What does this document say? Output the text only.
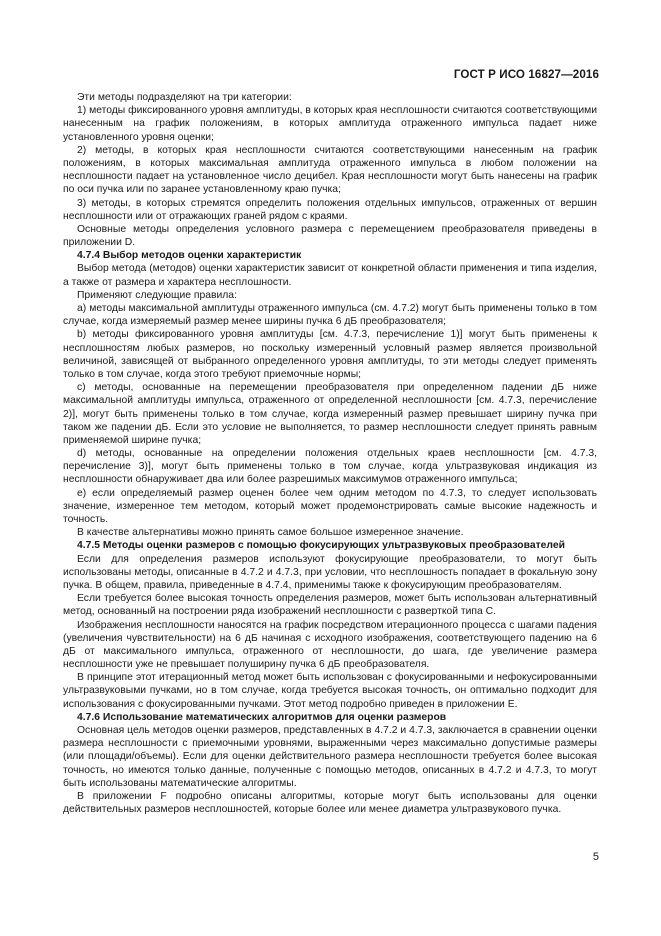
ГОСТ Р ИСО 16827—2016

Эти методы подразделяют на три категории:

1) методы фиксированного уровня амплитуды, в которых края несплошности считаются соответствующими нанесенным на график положениям, в которых амплитуда отраженного импульса падает ниже установленного уровня оценки;

2) методы, в которых края несплошности считаются соответствующими нанесенным на график положениям, в которых максимальная амплитуда отраженного импульса в любом положении на несплошности падает на установленное число децибел. Края несплошности могут быть нанесены на график по оси пучка или по заранее установленному краю пучка;

3) методы, в которых стремятся определить положения отдельных импульсов, отраженных от вершин несплошности или от отражающих граней рядом с краями.

Основные методы определения условного размера с перемещением преобразователя приведены в приложении D.

4.7.4 Выбор методов оценки характеристик

Выбор метода (методов) оценки характеристик зависит от конкретной области применения и типа изделия, а также от размера и характера несплошности.

Применяют следующие правила:

a) методы максимальной амплитуды отраженного импульса (см. 4.7.2) могут быть применены только в том случае, когда измеряемый размер менее ширины пучка 6 дБ преобразователя;

b) методы фиксированного уровня амплитуды [см. 4.7.3, перечисление 1)] могут быть применены к несплошностям любых размеров, но поскольку измеренный условный размер является произвольной величиной, зависящей от выбранного определенного уровня амплитуды, то эти методы следует применять только в том случае, когда этого требуют приемочные нормы;

c) методы, основанные на перемещении преобразователя при определенном падении дБ ниже максимальной амплитуды импульса, отраженного от определенной несплошности [см. 4.7.3, перечисление 2)], могут быть применены только в том случае, когда измеренный размер превышает ширину пучка при таком же падении дБ. Если это условие не выполняется, то размер несплошности следует принять равным применяемой ширине пучка;

d) методы, основанные на определении положения отдельных краев несплошности [см. 4.7.3, перечисление 3)], могут быть применены только в том случае, когда ультразвуковая индикация из несплошности обнаруживает два или более разрешимых максимумов отраженного импульса;

e) если определяемый размер оценен более чем одним методом по 4.7.3, то следует использовать значение, измеренное тем методом, который может продемонстрировать самые высокие надежность и точность.

В качестве альтернативы можно принять самое большое измеренное значение.

4.7.5 Методы оценки размеров с помощью фокусирующих ультразвуковых преобразователей

Если для определения размеров используют фокусирующие преобразователи, то могут быть использованы методы, описанные в 4.7.2 и 4.7.3, при условии, что несплошность попадает в фокальную зону пучка. В общем, правила, приведенные в 4.7.4, применимы также к фокусирующим преобразователям.

Если требуется более высокая точность определения размеров, может быть использован альтернативный метод, основанный на построении ряда изображений несплошности с разверткой типа С.

Изображения несплошности наносятся на график посредством итерационного процесса с шагами падения (увеличения чувствительности) на 6 дБ начиная с исходного изображения, соответствующего падению на 6 дБ от максимального импульса, отраженного от несплошности, до шага, где увеличение размера несплошности уже не превышает полуширину пучка 6 дБ преобразователя.

В принципе этот итерационный метод может быть использован с фокусированными и нефокусированными ультразвуковыми пучками, но в том случае, когда требуется высокая точность, он оптимально подходит для использования с фокусированными пучками. Этот метод подробно приведен в приложении E.

4.7.6 Использование математических алгоритмов для оценки размеров

Основная цель методов оценки размеров, представленных в 4.7.2 и 4.7.3, заключается в сравнении оценки размера несплошности с приемочными уровнями, выраженными через максимально допустимые размеры (или площади/объемы). Если для оценки действительного размера несплошности требуется более высокая точность, но имеются только данные, полученные с помощью методов, описанных в 4.7.2 и 4.7.3, то могут быть использованы математические алгоритмы.

В приложении F подробно описаны алгоритмы, которые могут быть использованы для оценки действительных размеров несплошностей, которые более или менее диаметра ультразвукового пучка.

5
